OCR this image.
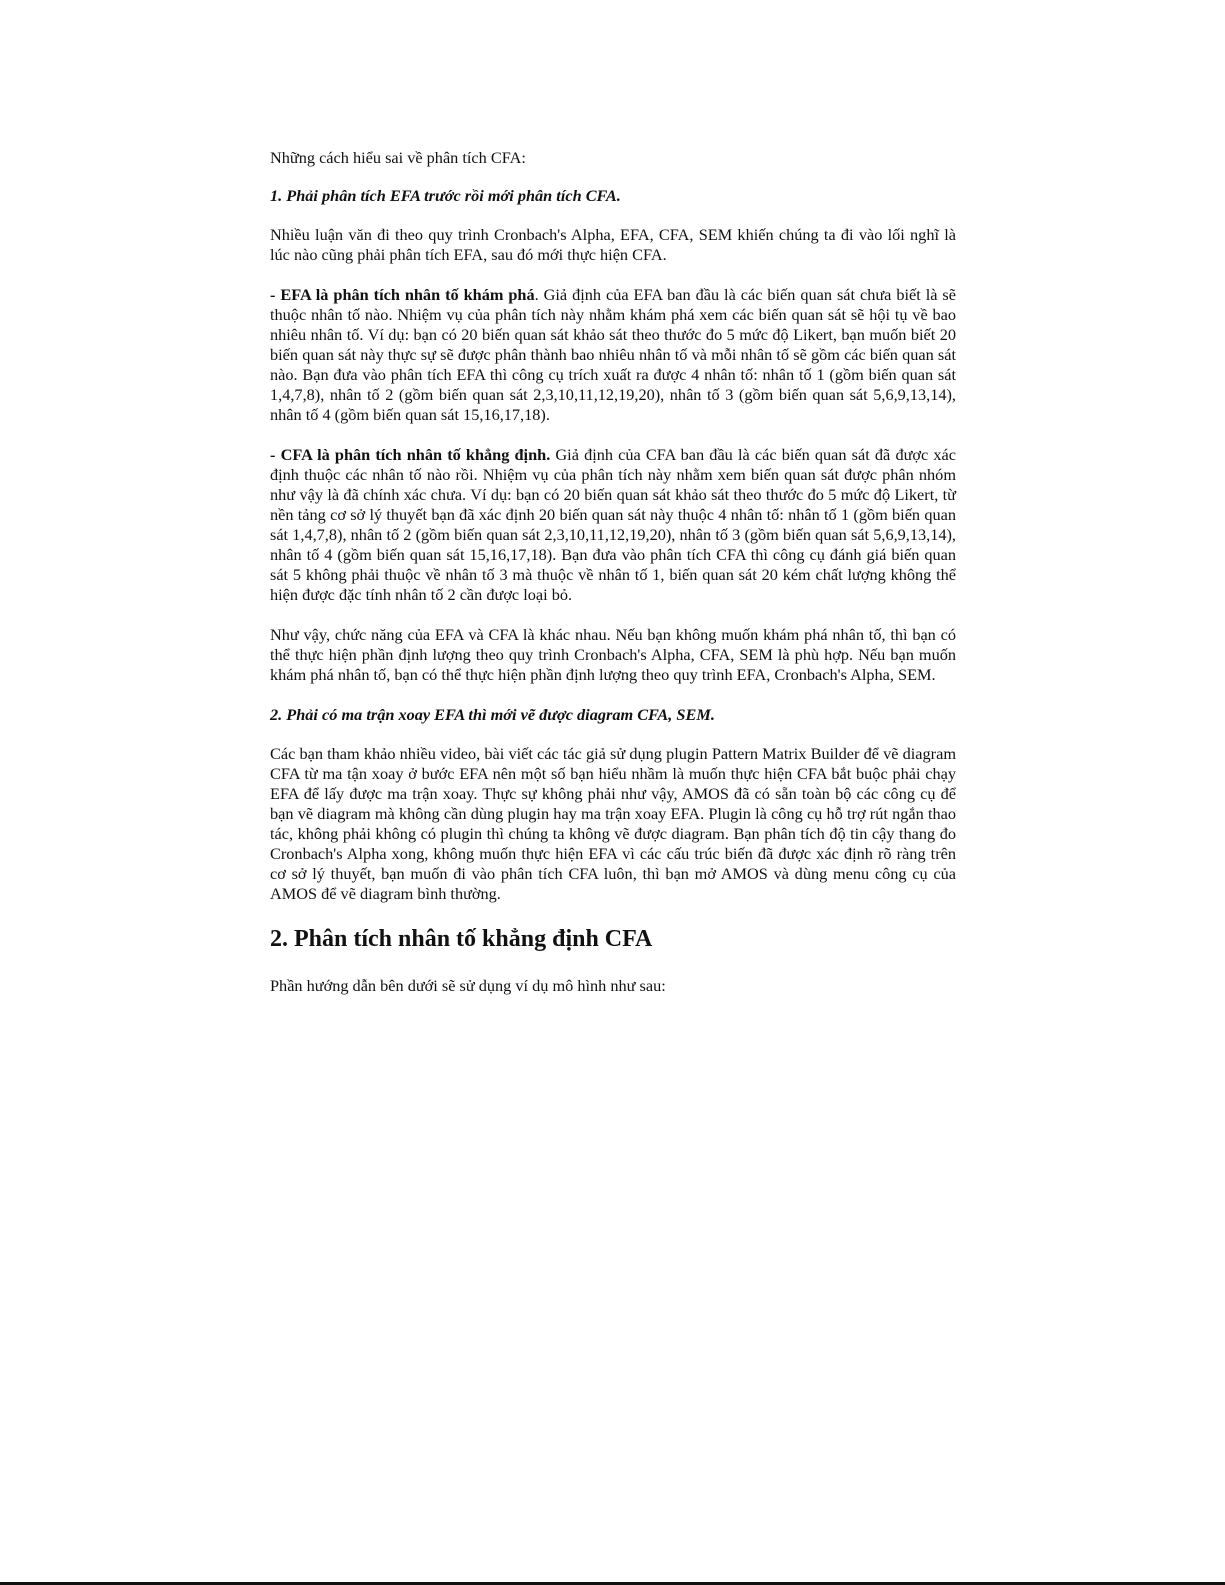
Những cách hiểu sai về phân tích CFA:

1. Phải phân tích EFA trước rồi mới phân tích CFA.

Nhiều luận văn đi theo quy trình Cronbach's Alpha, EFA, CFA, SEM khiến chúng ta đi vào lối nghĩ là lúc nào cũng phải phân tích EFA, sau đó mới thực hiện CFA.

- EFA là phân tích nhân tố khám phá. Giả định của EFA ban đầu là các biến quan sát chưa biết là sẽ thuộc nhân tố nào. Nhiệm vụ của phân tích này nhằm khám phá xem các biến quan sát sẽ hội tụ về bao nhiêu nhân tố. Ví dụ: bạn có 20 biến quan sát khảo sát theo thước đo 5 mức độ Likert, bạn muốn biết 20 biến quan sát này thực sự sẽ được phân thành bao nhiêu nhân tố và mỗi nhân tố sẽ gồm các biến quan sát nào. Bạn đưa vào phân tích EFA thì công cụ trích xuất ra được 4 nhân tố: nhân tố 1 (gồm biến quan sát 1,4,7,8), nhân tố 2 (gồm biến quan sát 2,3,10,11,12,19,20), nhân tố 3 (gồm biến quan sát 5,6,9,13,14), nhân tố 4 (gồm biến quan sát 15,16,17,18).

- CFA là phân tích nhân tố khẳng định. Giả định của CFA ban đầu là các biến quan sát đã được xác định thuộc các nhân tố nào rồi. Nhiệm vụ của phân tích này nhằm xem biến quan sát được phân nhóm như vậy là đã chính xác chưa. Ví dụ: bạn có 20 biến quan sát khảo sát theo thước đo 5 mức độ Likert, từ nền tảng cơ sở lý thuyết bạn đã xác định 20 biến quan sát này thuộc 4 nhân tố: nhân tố 1 (gồm biến quan sát 1,4,7,8), nhân tố 2 (gồm biến quan sát 2,3,10,11,12,19,20), nhân tố 3 (gồm biến quan sát 5,6,9,13,14), nhân tố 4 (gồm biến quan sát 15,16,17,18). Bạn đưa vào phân tích CFA thì công cụ đánh giá biến quan sát 5 không phải thuộc về nhân tố 3 mà thuộc về nhân tố 1, biến quan sát 20 kém chất lượng không thể hiện được đặc tính nhân tố 2 cần được loại bỏ.

Như vậy, chức năng của EFA và CFA là khác nhau. Nếu bạn không muốn khám phá nhân tố, thì bạn có thể thực hiện phần định lượng theo quy trình Cronbach's Alpha, CFA, SEM là phù hợp. Nếu bạn muốn khám phá nhân tố, bạn có thể thực hiện phần định lượng theo quy trình EFA, Cronbach's Alpha, SEM.

2. Phải có ma trận xoay EFA thì mới vẽ được diagram CFA, SEM.

Các bạn tham khảo nhiều video, bài viết các tác giả sử dụng plugin Pattern Matrix Builder để vẽ diagram CFA từ ma tận xoay ở bước EFA nên một số bạn hiểu nhầm là muốn thực hiện CFA bắt buộc phải chạy EFA để lấy được ma trận xoay. Thực sự không phải như vậy, AMOS đã có sẵn toàn bộ các công cụ để bạn vẽ diagram mà không cần dùng plugin hay ma trận xoay EFA. Plugin là công cụ hỗ trợ rút ngắn thao tác, không phải không có plugin thì chúng ta không vẽ được diagram. Bạn phân tích độ tin cậy thang đo Cronbach's Alpha xong, không muốn thực hiện EFA vì các cấu trúc biến đã được xác định rõ ràng trên cơ sở lý thuyết, bạn muốn đi vào phân tích CFA luôn, thì bạn mở AMOS và dùng menu công cụ của AMOS để vẽ diagram bình thường.

2. Phân tích nhân tố khẳng định CFA

Phần hướng dẫn bên dưới sẽ sử dụng ví dụ mô hình như sau:
